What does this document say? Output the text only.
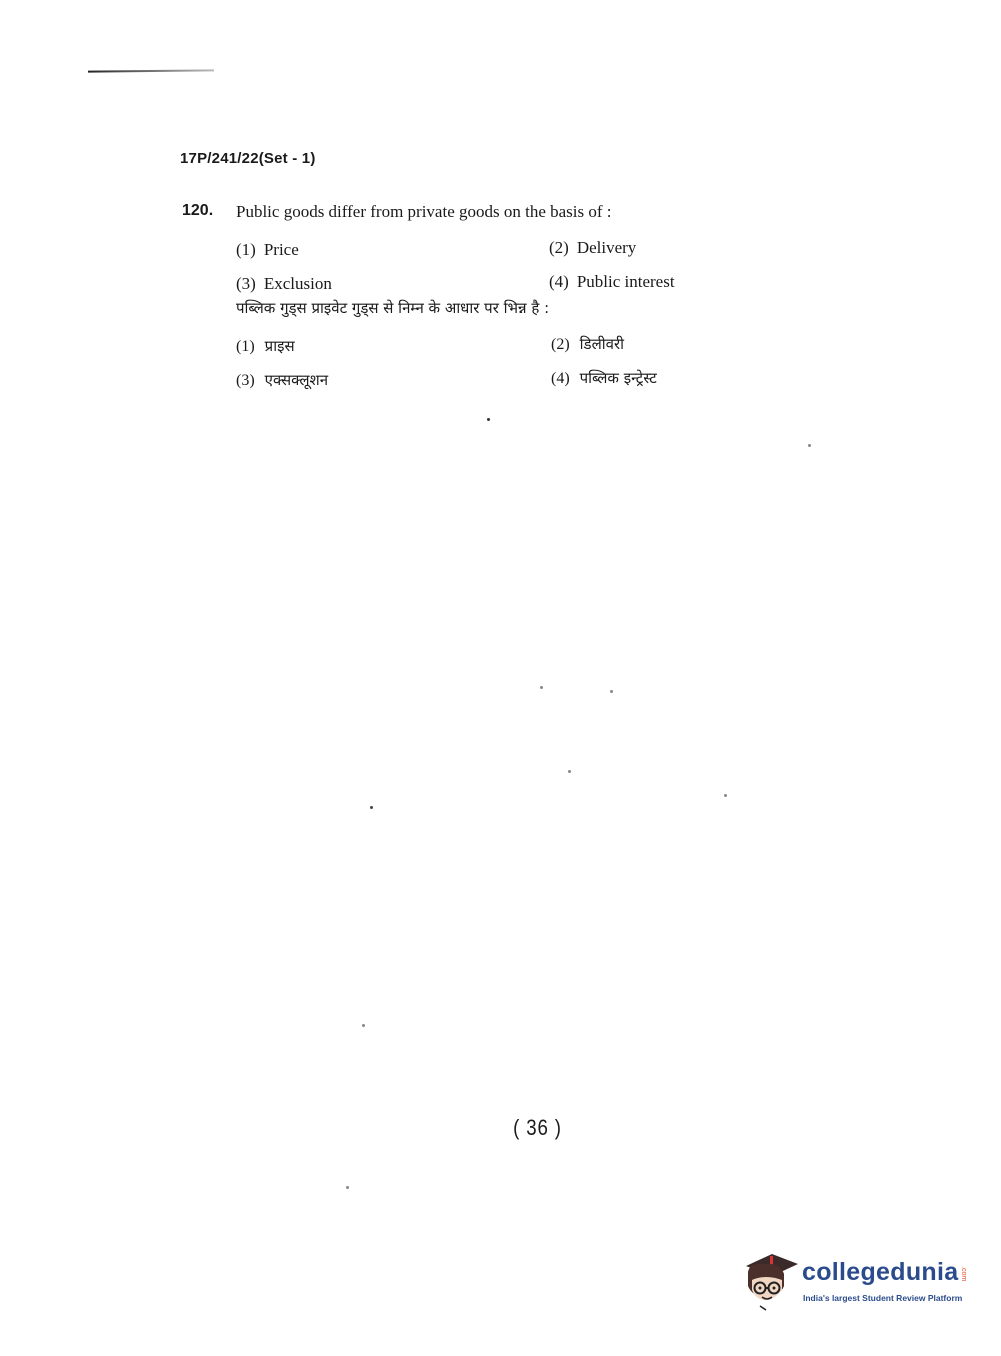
17P/241/22(Set - 1)
120. Public goods differ from private goods on the basis of :
(1) Price	(2) Delivery
(3) Exclusion	(4) Public interest
पब्लिक गुड्स प्राइवेट गुड्स से निम्न के आधार पर भिन्न है :
(1) प्राइस	(2) डिलीवरी
(3) एक्सक्लूशन	(4) पब्लिक इन्ट्रेस्ट
( 36 )
collegedunia .com
India's largest Student Review Platform
